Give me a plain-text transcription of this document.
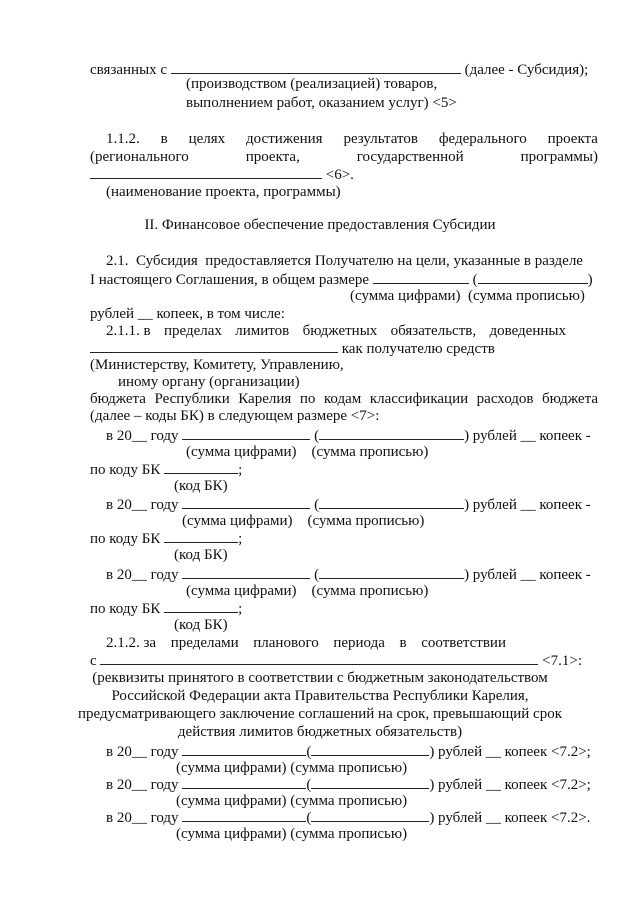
связанных с	(далее - Субсидия);
(производством (реализацией) товаров,
выполнением работ, оказанием услуг) <5>
1.1.2. в целях достижения результатов федерального проекта
(регионального	проекта,	государственной	программы)
<6>.
(наименование проекта, программы)
II. Финансовое обеспечение предоставления Субсидии
2.1.  Субсидия  предоставляется Получателю на цели, указанные в разделе
I настоящего Соглашения, в общем размере	(	)
(сумма цифрами)  (сумма прописью)
рублей __ копеек, в том числе:
2.1.1. в пределах лимитов бюджетных обязательств, доведенных
как получателю средств
(Министерству, Комитету, Управлению,
иному органу (организации)
бюджета Республики Карелия по кодам классификации расходов бюджета
(далее – коды БК) в следующем размере <7>:
в 20__ году	(	) рублей __ копеек -
(сумма цифрами)    (сумма прописью)
по коду БК	;
(код БК)
в 20__ году	(	) рублей __ копеек -
(сумма цифрами)    (сумма прописью)
по коду БК	;
(код БК)
в 20__ году	(	) рублей __ копеек -
(сумма цифрами)    (сумма прописью)
по коду БК	;
(код БК)
2.1.2. за пределами планового периода в соответствии
с	<7.1>:
(реквизиты принятого в соответствии с бюджетным законодательством
Российской Федерации акта Правительства Республики Карелия,
предусматривающего заключение соглашений на срок, превышающий срок
действия лимитов бюджетных обязательств)
в 20__ году	(	) рублей __ копеек <7.2>;
(сумма цифрами) (сумма прописью)
в 20__ году	(	) рублей __ копеек <7.2>;
(сумма цифрами) (сумма прописью)
в 20__ году	(	) рублей __ копеек <7.2>.
(сумма цифрами) (сумма прописью)
